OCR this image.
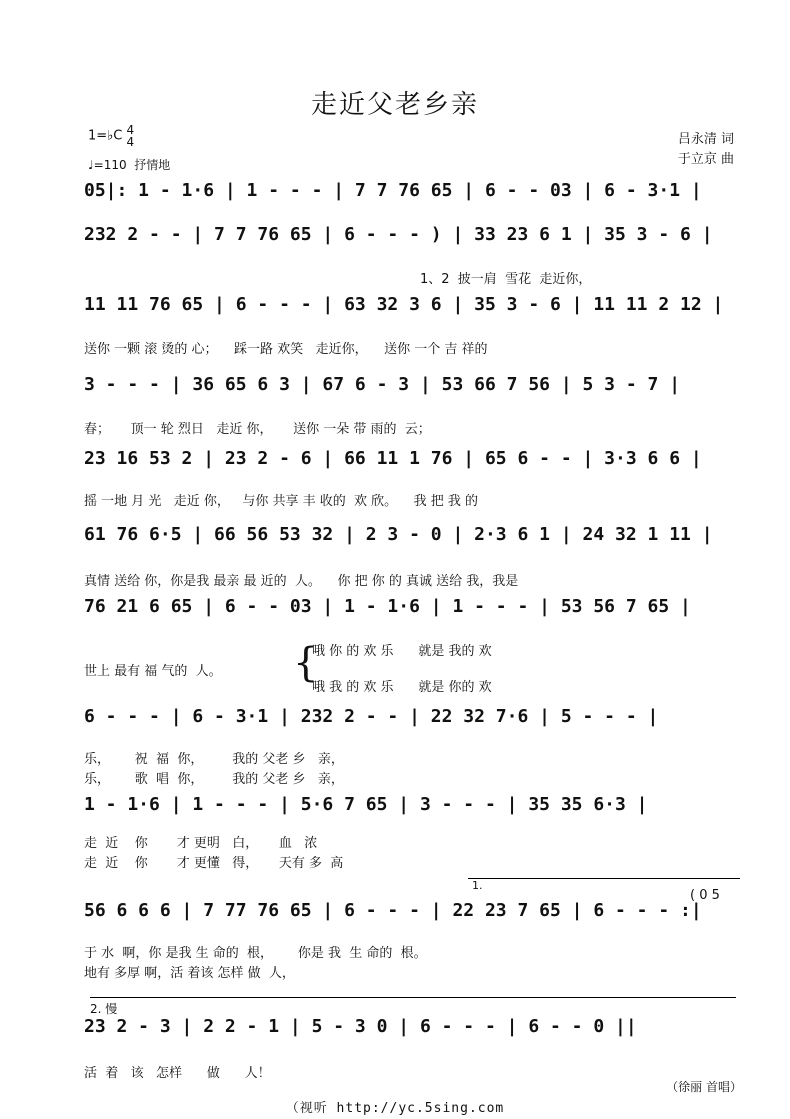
走近父老乡亲
1=♭C 4
4
♩=110 抒情地
吕永清 词
于立京 曲
05|: 1 - 1·6 | 1 - - - | 7 7 76 65 | 6 - - 03 | 6 - 3·1 |
232 2 - - | 7 7 76 65 | 6 - - - ) | 33 23 6 1 | 35 3 - 6 |
1、2  披一肩  雪花  走近你，
11 11 76 65 | 6 - - - | 63 32 3 6 | 35 3 - 6 | 11 11 2 12 |
送你 一颗 滚 烫的 心；    踩一路 欢笑   走近你，    送你 一个 吉 祥的
3 - - - | 36 65 6 3 | 67 6 - 3 | 53 66 7 56 | 5 3 - 7 |
春；     顶一 轮 烈日   走近 你，     送你 一朵 带 雨的  云；
23 16 53 2 | 23 2 - 6 | 66 11 1 76 | 65 6 - - | 3·3 6 6 |
摇 一地 月 光   走近 你，   与你 共享 丰 收的  欢 欣。    我 把 我 的
61 76 6·5 | 66 56 53 32 | 2 3 - 0 | 2·3 6 1 | 24 32 1 11 |
真情 送给 你，你是我 最亲 最 近的  人。    你 把 你 的 真诚 送给 我，我是
76 21 6 65 | 6 - - 03 | 1 - 1·6 | 1 - - - | 53 56 7 65 |
世上 最有 福 气的  人。	{
哦 你 的 欢 乐      就是 我的 欢
哦 我 的 欢 乐      就是 你的 欢
6 - - - | 6 - 3·1 | 232 2 - - | 22 32 7·6 | 5 - - - |
乐，      祝  福  你，       我的 父老 乡   亲，
乐，      歌  唱  你，       我的 父老 乡   亲，
1 - 1·6 | 1 - - - | 5·6 7 65 | 3 - - - | 35 35 6·3 |
走  近    你       才 更明   白，     血   浓
走  近    你       才 更懂   得，     天有 多  高
1.
( 0 5
56 6 6 6 | 7 77 76 65 | 6 - - - | 22 23 7 65 | 6 - - - :|
于 水  啊，你 是我 生 命的  根，      你是 我  生 命的  根。
地有 多厚 啊，活 着该 怎样 做  人，
2. 慢
23 2 - 3 | 2 2 - 1 | 5 - 3 0 | 6 - - - | 6 - - 0 ||
活  着   该   怎样      做      人！
（徐丽 首唱）
（视听 http://yc.5sing.com
